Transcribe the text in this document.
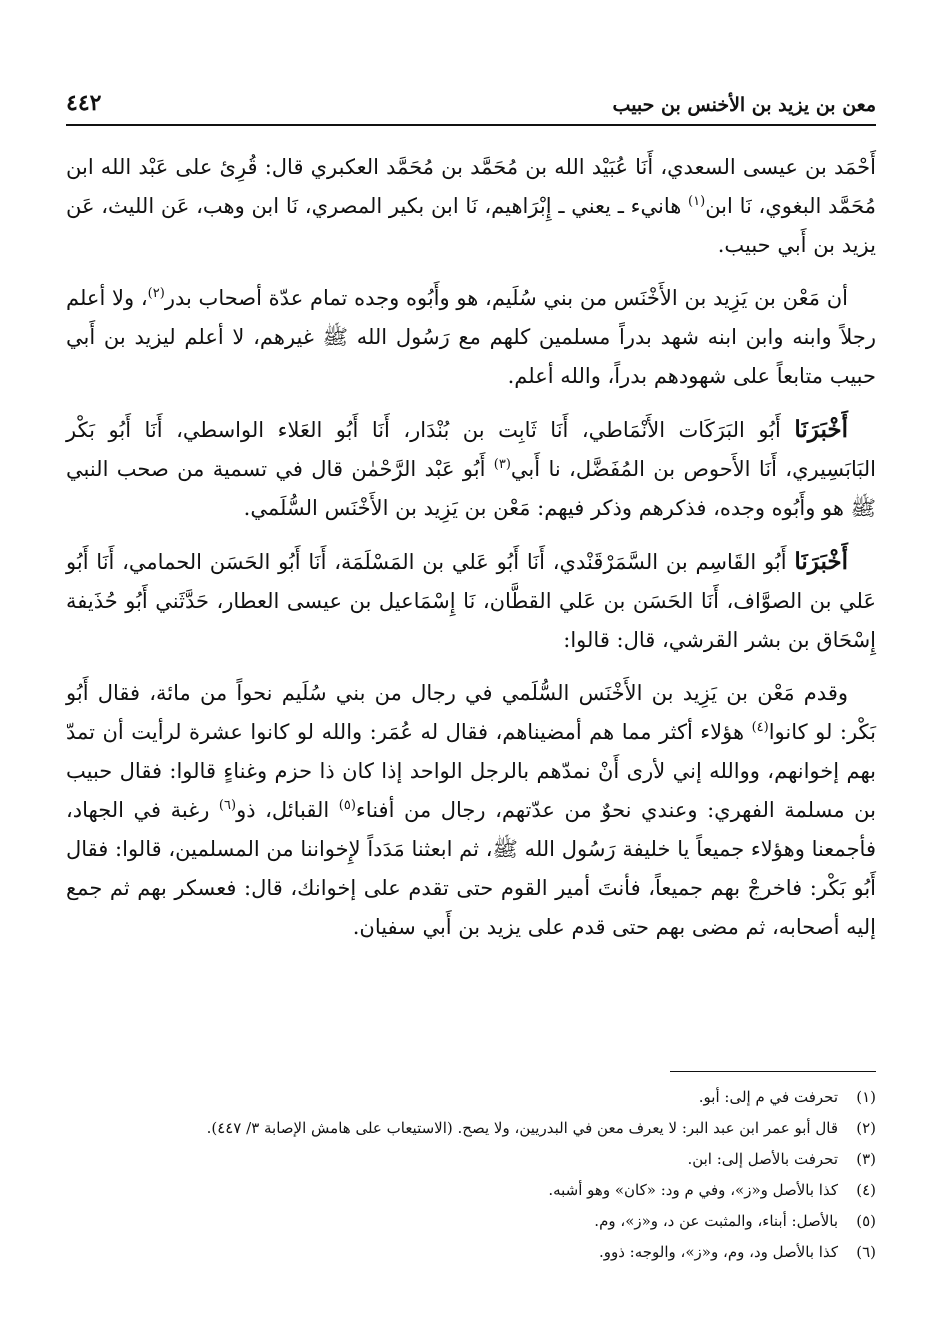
معن بن يزيد بن الأخنس بن حبيب
٤٤٢

أَحْمَد بن عيسى السعدي، أَنَا عُبَيْد الله بن مُحَمَّد بن مُحَمَّد العكبري قال: قُرِئ على عَبْد الله ابن مُحَمَّد البغوي، نَا ابن$^{(١)}$ هانيء ـ يعني ـ إِبْرَاهيم، نَا ابن بكير المصري، نَا ابن وهب، عَن الليث، عَن يزيد بن أَبي حبيب.

أن مَعْن بن يَزِيد بن الأَخْنَس من بني سُلَيم، هو وأَبُوه وجده تمام عدّة أصحاب بدر$^{(٢)}$، ولا أعلم رجلاً وابنه وابن ابنه شهد بدراً مسلمين كلهم مع رَسُول الله ﷺ غيرهم، لا أعلم ليزيد بن أَبي حبيب متابعاً على شهودهم بدراً، والله أعلم.

أَخْبَرَنَا أَبُو البَرَكَات الأَنْمَاطي، أَنَا ثَابِت بن بُنْدَار، أَنَا أَبُو العَلاء الواسطي، أَنَا أَبُو بَكْر البَابَسِيري، أَنَا الأَحوص بن المُفَضَّل، نا أَبي$^{(٣)}$ أَبُو عَبْد الرَّحْمٰن قال في تسمية من صحب النبي ﷺ هو وأَبُوه وجده، فذكرهم وذكر فيهم: مَعْن بن يَزِيد بن الأَخْنَس السُّلَمي.

أَخْبَرَنَا أَبُو القَاسِم بن السَّمَرْقَنْدي، أَنَا أَبُو عَلي بن المَسْلَمَة، أَنَا أَبُو الحَسَن الحمامي، أَنَا أَبُو عَلي بن الصوَّاف، أَنَا الحَسَن بن عَلي القطَّان، نَا إِسْمَاعيل بن عيسى العطار، حَدَّثَني أَبُو حُذَيفة إِسْحَاق بن بشر القرشي، قال: قالوا:

وقدم مَعْن بن يَزِيد بن الأَخْنَس السُّلَمي في رجال من بني سُلَيم نحواً من مائة، فقال أَبُو بَكْر: لو كانوا$^{(٤)}$ هؤلاء أكثر مما هم أمضيناهم، فقال له عُمَر: والله لو كانوا عشرة لرأيت أن تمدّ بهم إخوانهم، ووالله إني لأرى أَنْ نمدّهم بالرجل الواحد إذا كان ذا حزم وغناءٍ قالوا: فقال حبيب بن مسلمة الفهري: وعندي نحوٌ من عدّتهم، رجال من أفناء$^{(٥)}$ القبائل، ذو$^{(٦)}$ رغبة في الجهاد، فأجمعنا وهؤلاء جميعاً يا خليفة رَسُول الله ﷺ، ثم ابعثنا مَدَداً لإِخواننا من المسلمين، قالوا: فقال أَبُو بَكْر: فاخرجْ بهم جميعاً، فأنتَ أمير القوم حتى تقدم على إخوانك، قال: فعسكر بهم ثم جمع إليه أصحابه، ثم مضى بهم حتى قدم على يزيد بن أَبي سفيان.

(١)
تحرفت في م إلى: أبو.
(٢)
قال أبو عمر ابن عبد البر: لا يعرف معن في البدريين، ولا يصح. (الاستيعاب على هامش الإصابة ٣/ ٤٤٧).
(٣)
تحرفت بالأصل إلى: ابن.
(٤)
كذا بالأصل و«ز»، وفي م ود: «كان» وهو أشبه.
(٥)
بالأصل: أبناء، والمثبت عن د، و«ز»، وم.
(٦)
كذا بالأصل ود، وم، و«ز»، والوجه: ذوو.
